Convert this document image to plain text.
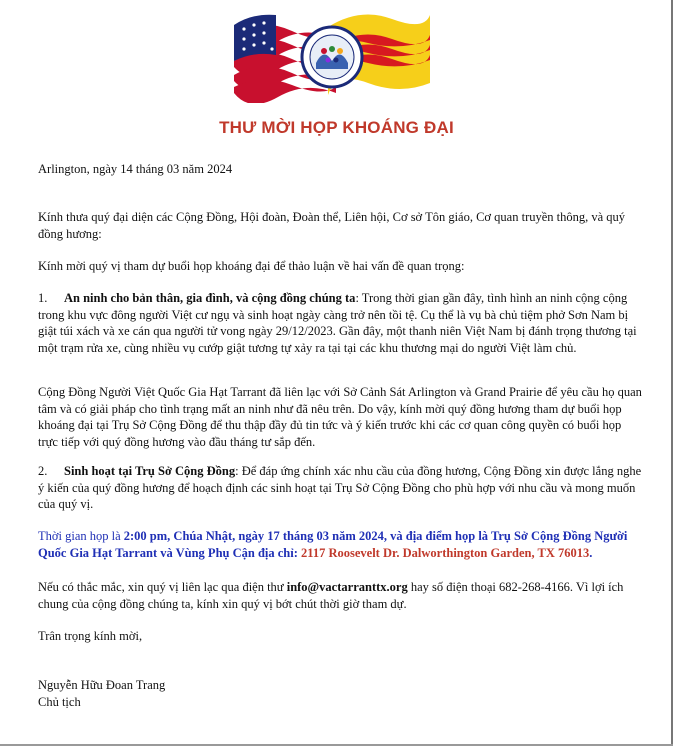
THƯ MỜI HỌP KHOÁNG ĐẠI
Arlington, ngày 14 tháng 03 năm 2024
Kính thưa quý đại diện các Cộng Đồng, Hội đoàn, Đoàn thể, Liên hội, Cơ sở Tôn giáo, Cơ quan truyền thông, và quý đồng hương:
Kính mời quý vị tham dự buổi họp khoáng đại để thảo luận về hai vấn đề quan trọng:
1. An ninh cho bản thân, gia đình, và cộng đồng chúng ta: Trong thời gian gần đây, tình hình an ninh cộng cộng trong khu vực đông người Việt cư ngụ và sinh hoạt ngày càng trở nên tồi tệ. Cụ thể là vụ bà chủ tiệm phở Sơn Nam bị giật túi xách và xe cán qua người tử vong ngày 29/12/2023. Gần đây, một thanh niên Việt Nam bị đánh trọng thương tại một trạm rửa xe, cùng nhiều vụ cướp giật tương tự xảy ra tại tại các khu thương mại do người Việt làm chủ.
Cộng Đồng Người Việt Quốc Gia Hạt Tarrant đã liên lạc với Sở Cảnh Sát Arlington và Grand Prairie để yêu cầu họ quan tâm và có giải pháp cho tình trạng mất an ninh như đã nêu trên. Do vậy, kính mời quý đồng hương tham dự buổi họp khoáng đại tại Trụ Sở Cộng Đồng để thu thập đầy đủ tin tức và ý kiến trước khi các cơ quan công quyền có buổi họp trực tiếp với quý đồng hương vào đầu tháng tư sắp đến.
2. Sinh hoạt tại Trụ Sở Cộng Đồng: Để đáp ứng chính xác nhu cầu của đồng hương, Cộng Đồng xin được lắng nghe ý kiến của quý đồng hương để hoạch định các sinh hoạt tại Trụ Sở Cộng Đồng cho phù hợp với nhu cầu và mong muốn của quý vị.
Thời gian họp là 2:00 pm, Chúa Nhật, ngày 17 tháng 03 năm 2024, và địa điểm họp là Trụ Sở Cộng Đồng Người Quốc Gia Hạt Tarrant và Vùng Phụ Cận địa chỉ: 2117 Roosevelt Dr. Dalworthington Garden, TX 76013.
Nếu có thắc mắc, xin quý vị liên lạc qua điện thư info@vactarranttx.org hay số điện thoại 682-268-4166. Vì lợi ích chung của cộng đồng chúng ta, kính xin quý vị bớt chút thời giờ tham dự.
Trân trọng kính mời,
Nguyễn Hữu Đoan Trang
Chủ tịch
